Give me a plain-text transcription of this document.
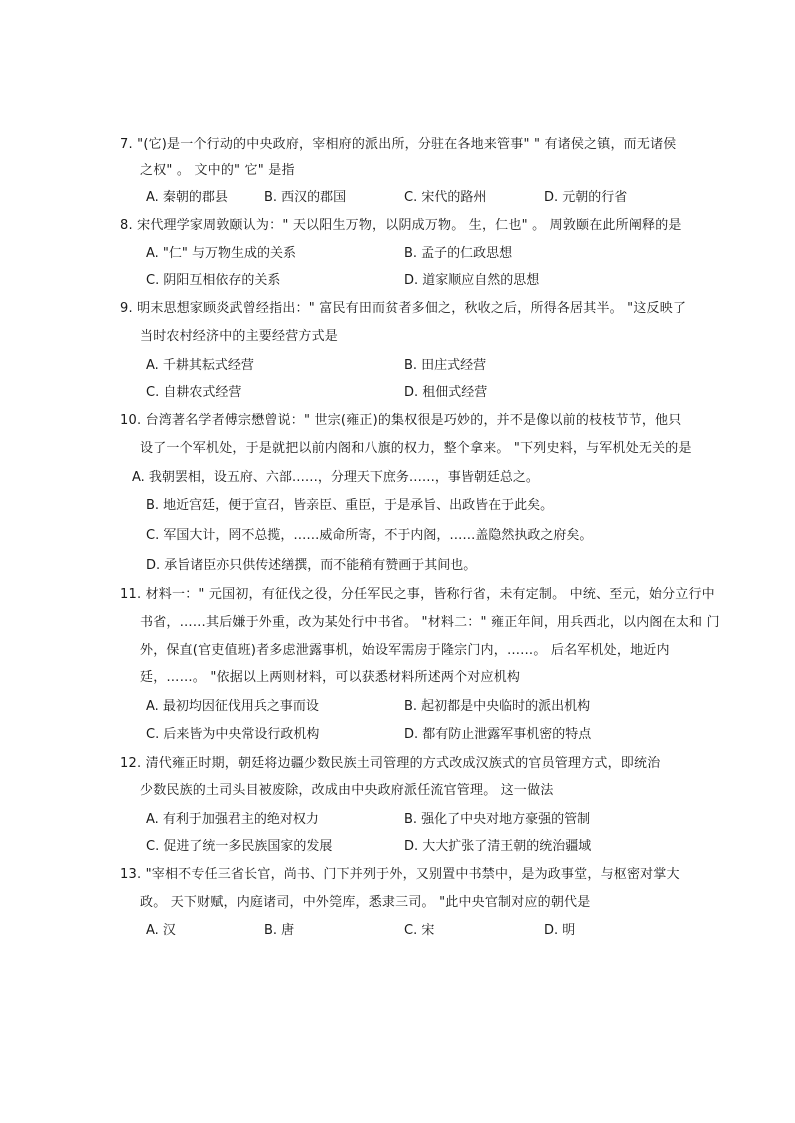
7. "(它)是一个行动的中央政府，宰相府的派出所，分驻在各地来管事" " 有诸侯之镇，而无诸侯
之权" 。 文中的" 它" 是指
A. 秦朝的郡县	B. 西汉的郡国	C. 宋代的路州	D. 元朝的行省
8. 宋代理学家周敦颐认为：" 天以阳生万物，以阴成万物。 生，仁也" 。 周敦颐在此所阐释的是
A. "仁" 与万物生成的关系	B. 孟子的仁政思想
C. 阴阳互相依存的关系	D. 道家顺应自然的思想
9. 明末思想家顾炎武曾经指出：" 富民有田而贫者多佃之，秋收之后，所得各居其半。 "这反映了
当时农村经济中的主要经营方式是
A. 千耕其耘式经营	B. 田庄式经营
C. 自耕农式经营	D. 租佃式经营
10. 台湾著名学者傅宗懋曾说：" 世宗(雍正)的集权很是巧妙的，并不是像以前的枝枝节节，他只
设了一个军机处，于是就把以前内阁和八旗的权力，整个拿来。 "下列史料，与军机处无关的是
A. 我朝罢相，设五府、六部……，分理天下庶务……，事皆朝廷总之。
B. 地近宫廷，便于宣召，皆亲臣、重臣，于是承旨、出政皆在于此矣。
C. 军国大计，罔不总揽，……威命所寄，不于内阁，……盖隐然执政之府矣。
D. 承旨诸臣亦只供传述缮撰，而不能稍有赞画于其间也。
11. 材料一：" 元国初，有征伐之役，分任军民之事，皆称行省，未有定制。 中统、至元，始分立行中
书省，……其后嫌于外重，改为某处行中书省。 "材料二：" 雍正年间，用兵西北，以内阁在太和 门
外，保直(官吏值班)者多虑泄露事机，始设军需房于隆宗门内，……。 后名军机处，地近内
廷，……。 "依据以上两则材料，可以获悉材料所述两个对应机构
A. 最初均因征伐用兵之事而设	B. 起初都是中央临时的派出机构
C. 后来皆为中央常设行政机构	D. 都有防止泄露军事机密的特点
12. 清代雍正时期，朝廷将边疆少数民族土司管理的方式改成汉族式的官员管理方式，即统治
少数民族的土司头目被废除，改成由中央政府派任流官管理。 这一做法
A. 有利于加强君主的绝对权力	B. 强化了中央对地方豪强的管制
C. 促进了统一多民族国家的发展	D. 大大扩张了清王朝的统治疆域
13. "宰相不专任三省长官，尚书、门下并列于外，又别置中书禁中，是为政事堂，与枢密对掌大
政。 天下财赋，内庭诸司，中外筦库，悉隶三司。 "此中央官制对应的朝代是
A. 汉	B. 唐	C. 宋	D. 明
